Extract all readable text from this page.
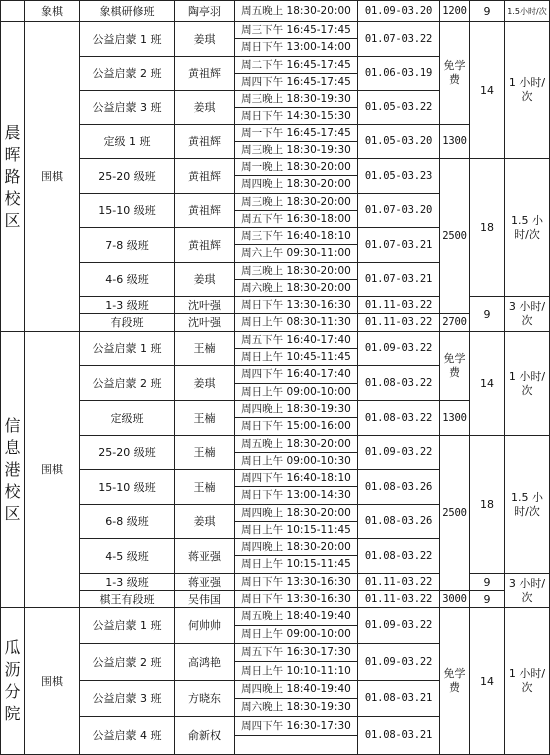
晨晖路校区
信息港校区
瓜沥分院
象棋
围棋
围棋
围棋
象棋研修班
公益启蒙 1 班
公益启蒙 2 班
公益启蒙 3 班
定级 1 班
25-20 级班
15-10 级班
7-8 级班
4-6 级班
1-3 级班
有段班
公益启蒙 1 班
公益启蒙 2 班
定级班
25-20 级班
15-10 级班
6-8 级班
4-5 级班
1-3 级班
棋王有段班
公益启蒙 1 班
公益启蒙 2 班
公益启蒙 3 班
公益启蒙 4 班
陶亭羽
姜琪
黄祖辉
姜琪
黄祖辉
黄祖辉
黄祖辉
黄祖辉
姜琪
沈叶强
沈叶强
王楠
姜琪
王楠
王楠
王楠
姜琪
蒋亚强
蒋亚强
吴伟国
何帅帅
高鸿艳
方晓东
俞新权
01.09-03.20
01.07-03.22
01.06-03.19
01.05-03.22
01.05-03.20
01.05-03.23
01.07-03.20
01.07-03.21
01.07-03.21
01.11-03.22
01.11-03.22
01.09-03.22
01.08-03.22
01.08-03.22
01.09-03.22
01.08-03.26
01.08-03.26
01.08-03.22
01.11-03.22
01.11-03.22
01.09-03.22
01.09-03.22
01.08-03.21
01.08-03.21
1200
免学费
1300
2500
2700
免学费
1300
2500
3000
免学费
9
14
18
9
14
18
9
9
14
1.5小时/次
1 小时/次
1.5 小时/次
3 小时/次
1 小时/次
1.5 小时/次
3 小时/次
1 小时/次
周五晚上 18:30-20:00
周三下午 16:45-17:45
周日下午 13:00-14:00
周二下午 16:45-17:45
周四下午 16:45-17:45
周三晚上 18:30-19:30
周日下午 14:30-15:30
周一下午 16:45-17:45
周三晚上 18:30-19:30
周一晚上 18:30-20:00
周四晚上 18:30-20:00
周三晚上 18:30-20:00
周五下午 16:30-18:00
周三下午 16:40-18:10
周六上午 09:30-11:00
周三晚上 18:30-20:00
周六晚上 18:30-20:00
周日下午 13:30-16:30
周日上午 08:30-11:30
周五下午 16:40-17:40
周日上午 10:45-11:45
周四下午 16:40-17:40
周日上午 09:00-10:00
周四晚上 18:30-19:30
周日下午 15:00-16:00
周五晚上 18:30-20:00
周日上午 09:00-10:30
周四下午 16:40-18:10
周日下午 13:00-14:30
周四晚上 18:30-20:00
周日上午 10:15-11:45
周四晚上 18:30-20:00
周日上午 10:15-11:45
周日下午 13:30-16:30
周日下午 13:30-16:30
周五晚上 18:40-19:40
周日上午 09:00-10:00
周五下午 16:30-17:30
周日上午 10:10-11:10
周四晚上 18:40-19:40
周六晚上 18:30-19:30
周四下午 16:30-17:30
